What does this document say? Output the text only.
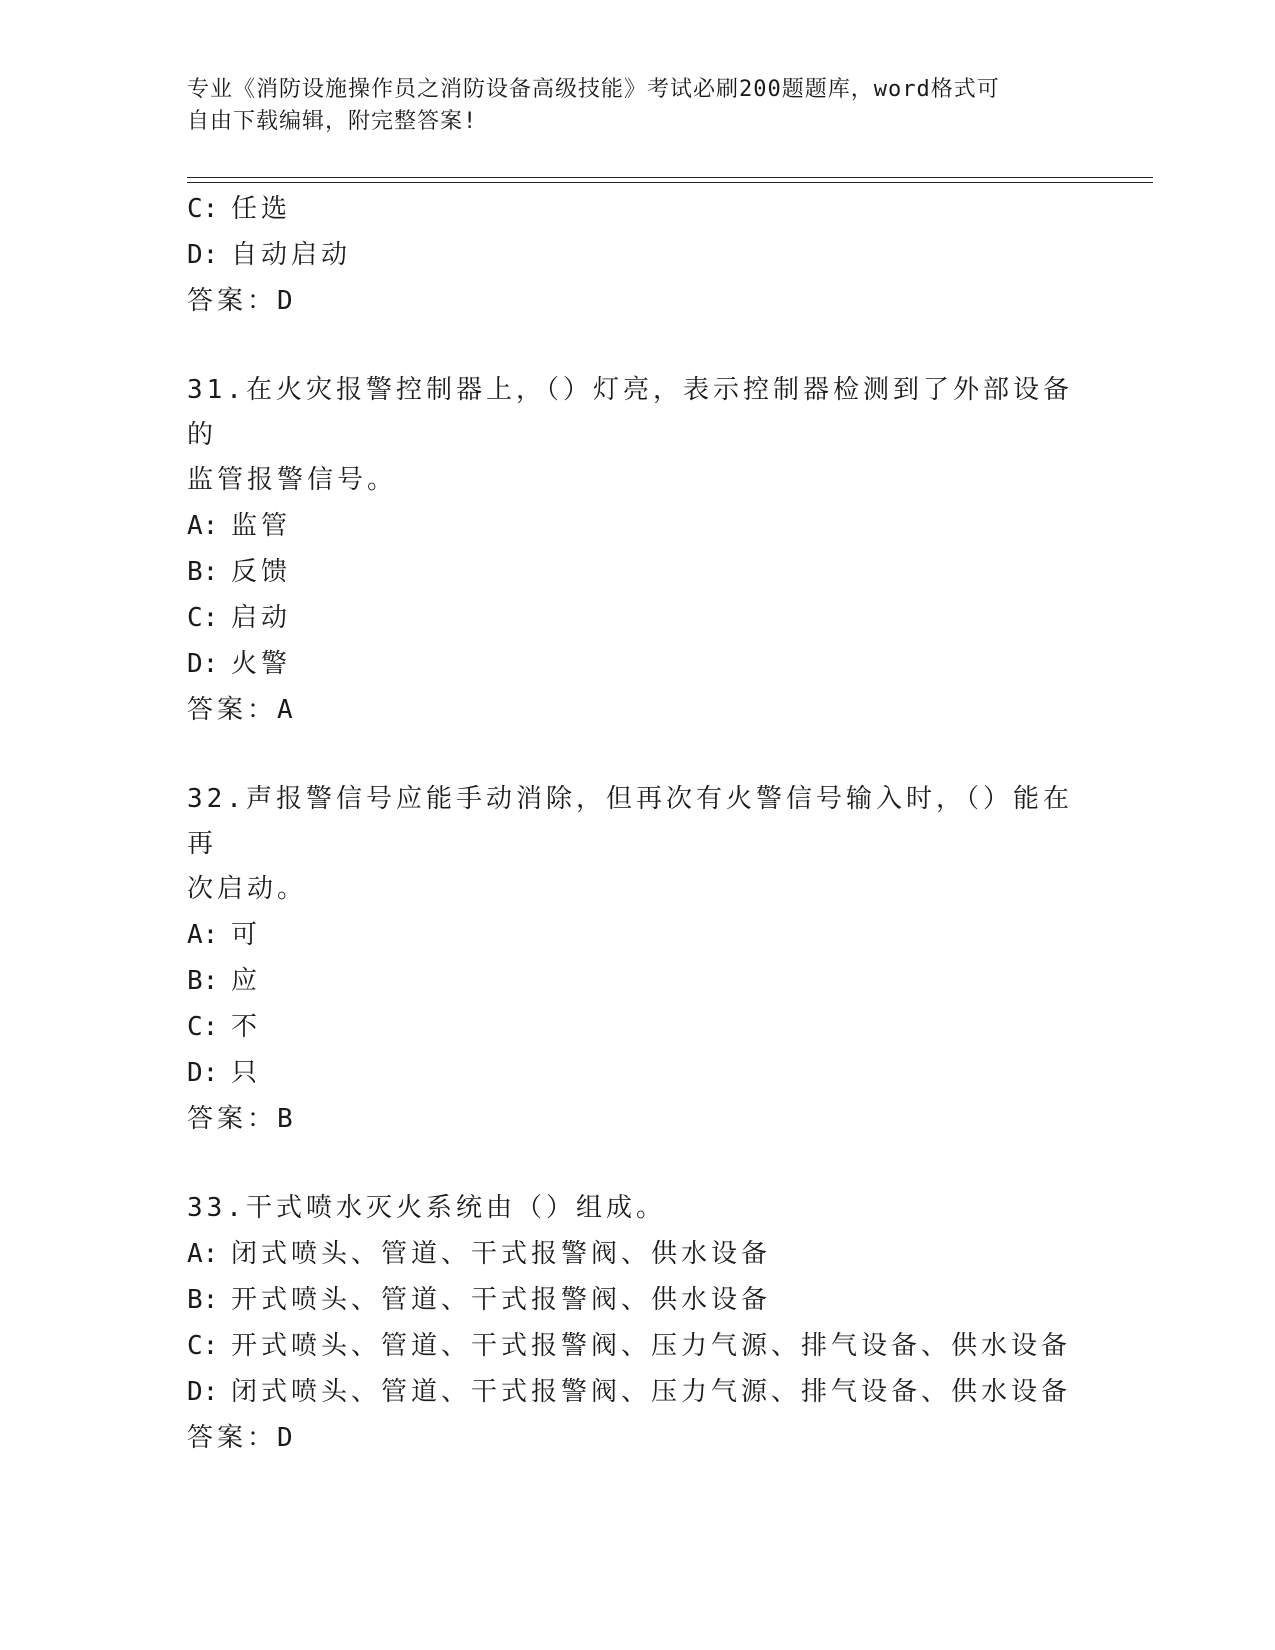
专业《消防设施操作员之消防设备高级技能》考试必刷200题题库，word格式可
自由下载编辑，附完整答案!
C: 任选
D: 自动启动
答案：D
31.在火灾报警控制器上，（）灯亮，表示控制器检测到了外部设备的
监管报警信号。
A: 监管
B: 反馈
C: 启动
D: 火警
答案：A
32.声报警信号应能手动消除，但再次有火警信号输入时，（）能在再
次启动。
A: 可
B: 应
C: 不
D: 只
答案：B
33.干式喷水灭火系统由（）组成。
A: 闭式喷头、管道、干式报警阀、供水设备
B: 开式喷头、管道、干式报警阀、供水设备
C: 开式喷头、管道、干式报警阀、压力气源、排气设备、供水设备
D: 闭式喷头、管道、干式报警阀、压力气源、排气设备、供水设备
答案：D
